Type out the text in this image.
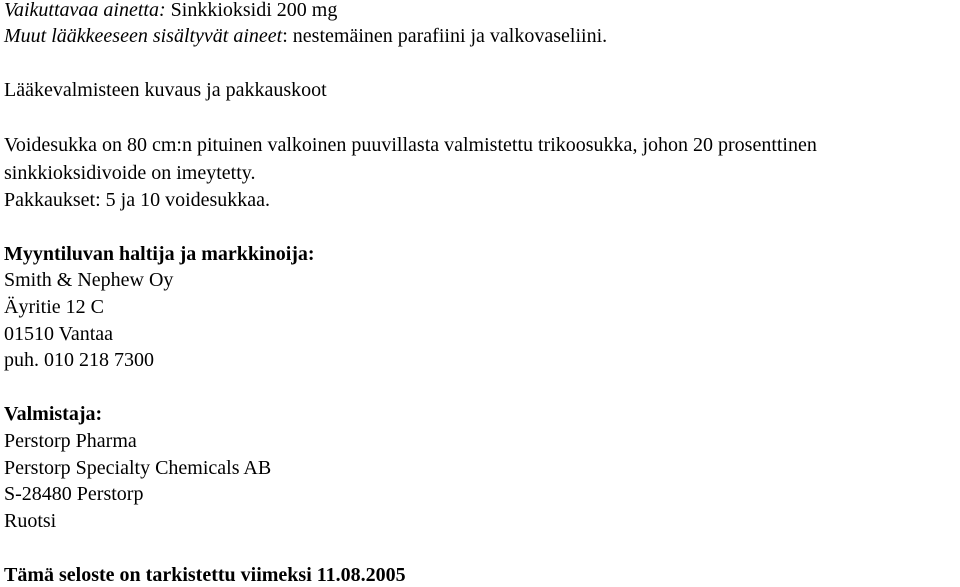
Vaikuttavaa ainetta: Sinkkioksidi 200 mg

Muut lääkkeeseen sisältyvät aineet: nestemäinen parafiini ja valkovaseliini.

Lääkevalmisteen kuvaus ja pakkauskoot

Voidesukka on 80 cm:n pituinen valkoinen puuvillasta valmistettu trikoosukka, johon 20 prosenttinen

sinkkioksidivoide on imeytetty.

Pakkaukset: 5 ja 10 voidesukkaa.

Myyntiluvan haltija ja markkinoija:

Smith & Nephew Oy

Äyritie 12 C

01510 Vantaa

puh. 010 218 7300

Valmistaja:

Perstorp Pharma

Perstorp Specialty Chemicals AB

S-28480 Perstorp

Ruotsi

Tämä seloste on tarkistettu viimeksi 11.08.2005
